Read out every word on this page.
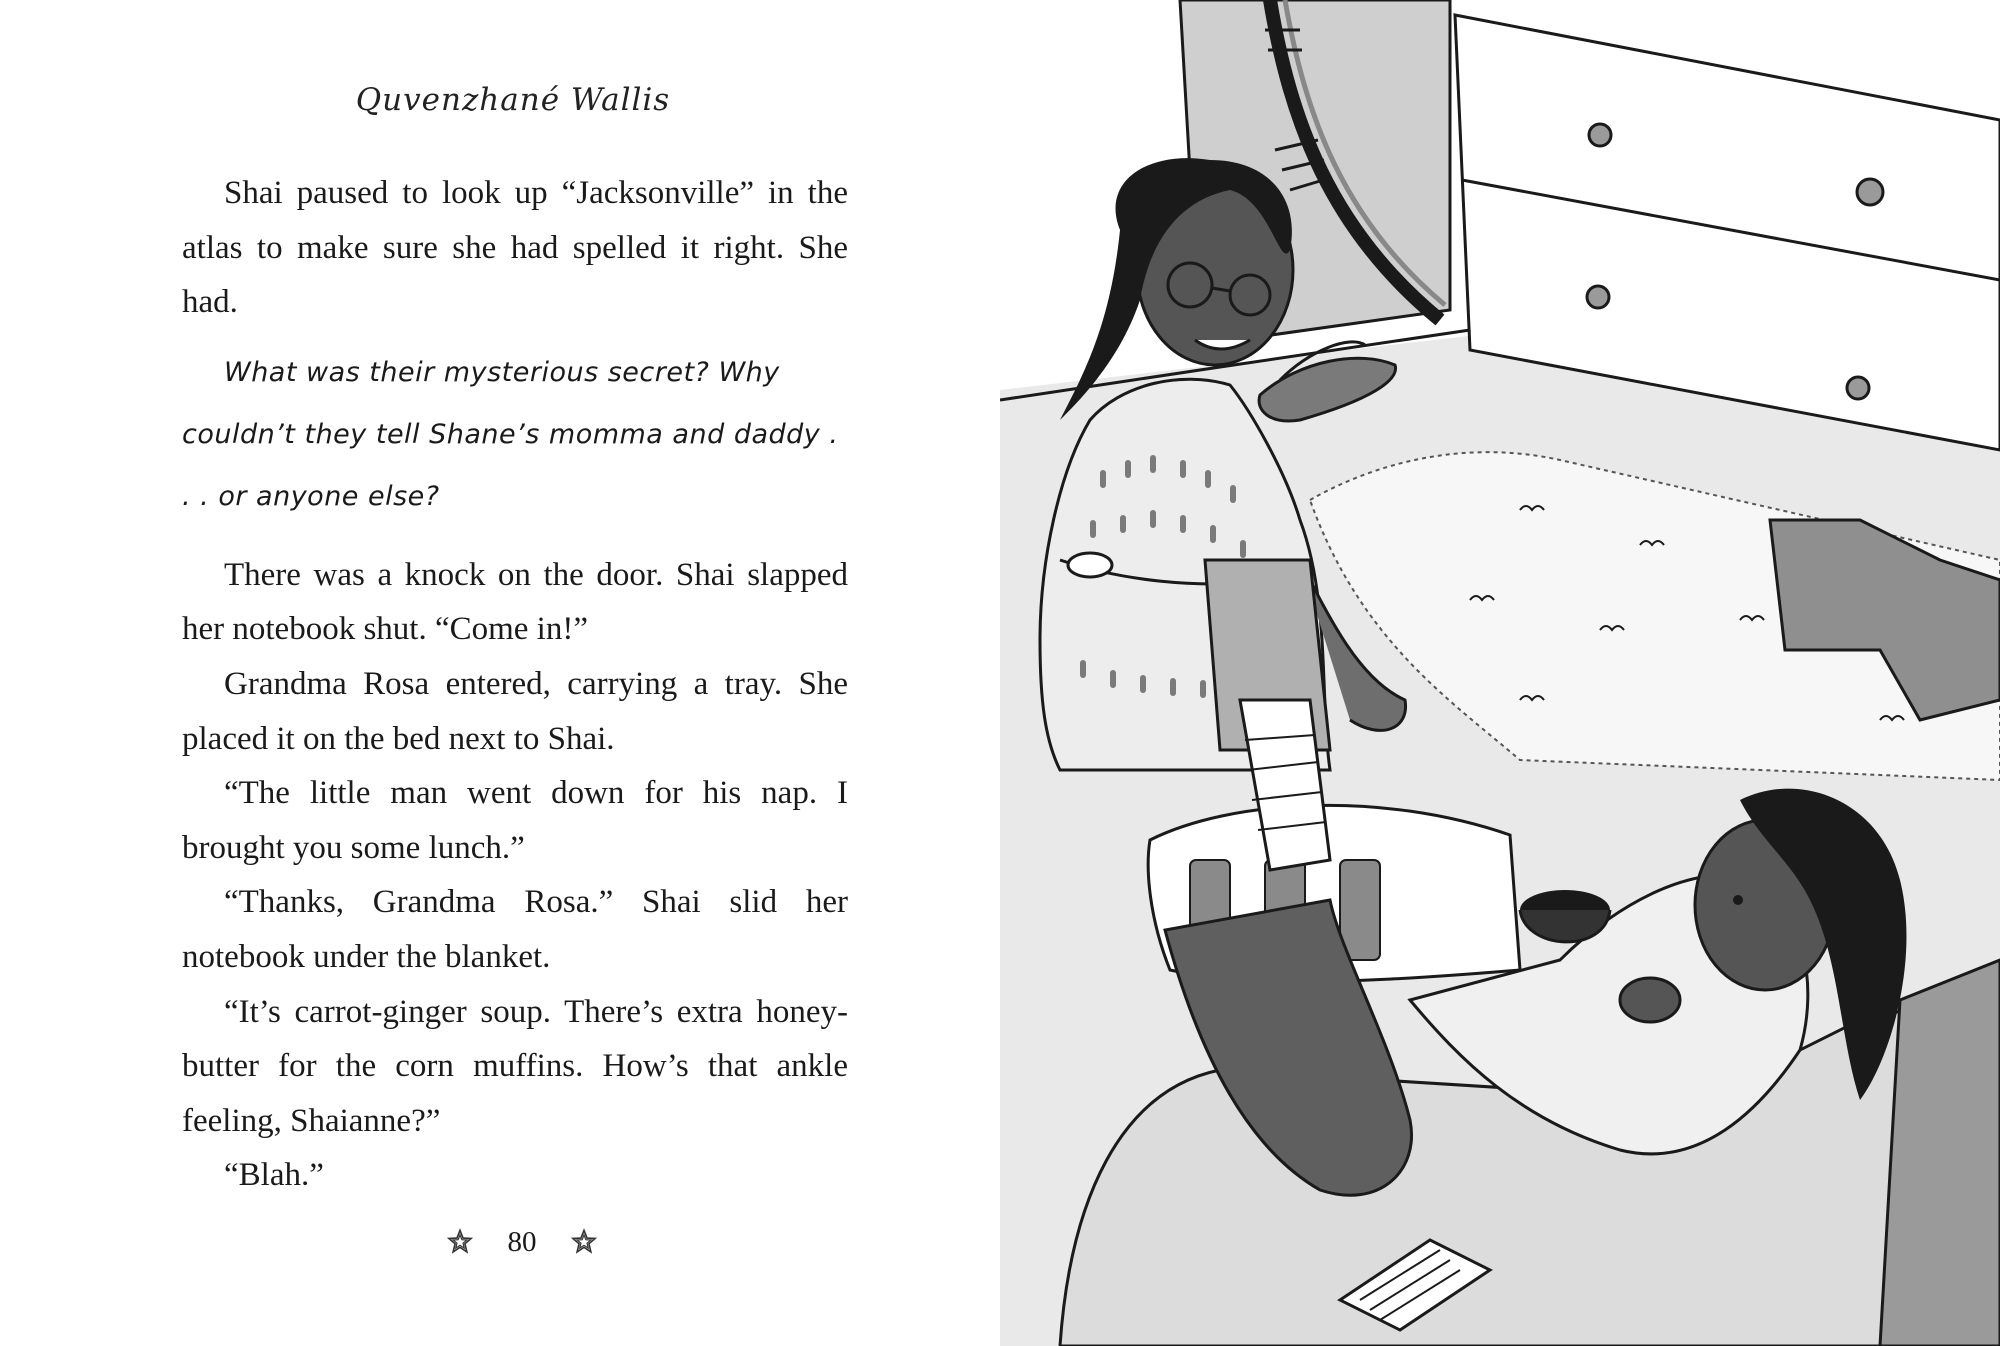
Quvenzhané Wallis

Shai paused to look up “Jacksonville” in the atlas to make sure she had spelled it right. She had.

What was their mysterious secret? Why couldn’t they tell Shane’s momma and daddy . . . or anyone else?

There was a knock on the door. Shai slapped her notebook shut. “Come in!”

Grandma Rosa entered, carrying a tray. She placed it on the bed next to Shai.

“The little man went down for his nap. I brought you some lunch.”

“Thanks, Grandma Rosa.” Shai slid her notebook under the blanket.

“It’s carrot-ginger soup. There’s extra honey-butter for the corn muffins. How’s that ankle feeling, Shaianne?”

“Blah.”

80
